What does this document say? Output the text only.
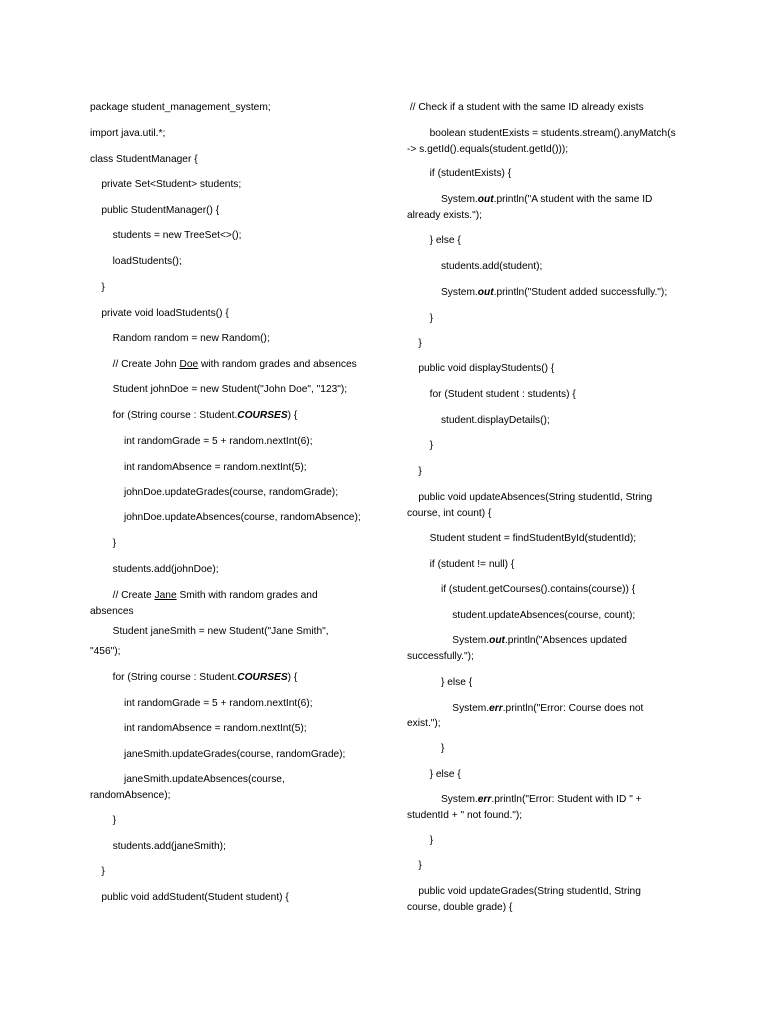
package student_management_system;
import java.util.*;
class StudentManager {
private Set<Student> students;
public StudentManager() {
students = new TreeSet<>();
loadStudents();
}
private void loadStudents() {
Random random = new Random();
// Create John Doe with random grades and absences
Student johnDoe = new Student("John Doe", "123");
for (String course : Student.COURSES) {
int randomGrade = 5 + random.nextInt(6);
int randomAbsence = random.nextInt(5);
johnDoe.updateGrades(course, randomGrade);
johnDoe.updateAbsences(course, randomAbsence);
}
students.add(johnDoe);
// Create Jane Smith with random grades and
absences
Student janeSmith = new Student("Jane Smith",
"456");
for (String course : Student.COURSES) {
int randomGrade = 5 + random.nextInt(6);
int randomAbsence = random.nextInt(5);
janeSmith.updateGrades(course, randomGrade);
janeSmith.updateAbsences(course,
randomAbsence);
}
students.add(janeSmith);
}
public void addStudent(Student student) {
// Check if a student with the same ID already exists
boolean studentExists = students.stream().anyMatch(s
-> s.getId().equals(student.getId()));
if (studentExists) {
System.out.println("A student with the same ID
already exists.");
} else {
students.add(student);
System.out.println("Student added successfully.");
}
}
public void displayStudents() {
for (Student student : students) {
student.displayDetails();
}
}
public void updateAbsences(String studentId, String
course, int count) {
Student student = findStudentById(studentId);
if (student != null) {
if (student.getCourses().contains(course)) {
student.updateAbsences(course, count);
System.out.println("Absences updated
successfully.");
} else {
System.err.println("Error: Course does not
exist.");
}
} else {
System.err.println("Error: Student with ID " +
studentId + " not found.");
}
}
public void updateGrades(String studentId, String
course, double grade) {
